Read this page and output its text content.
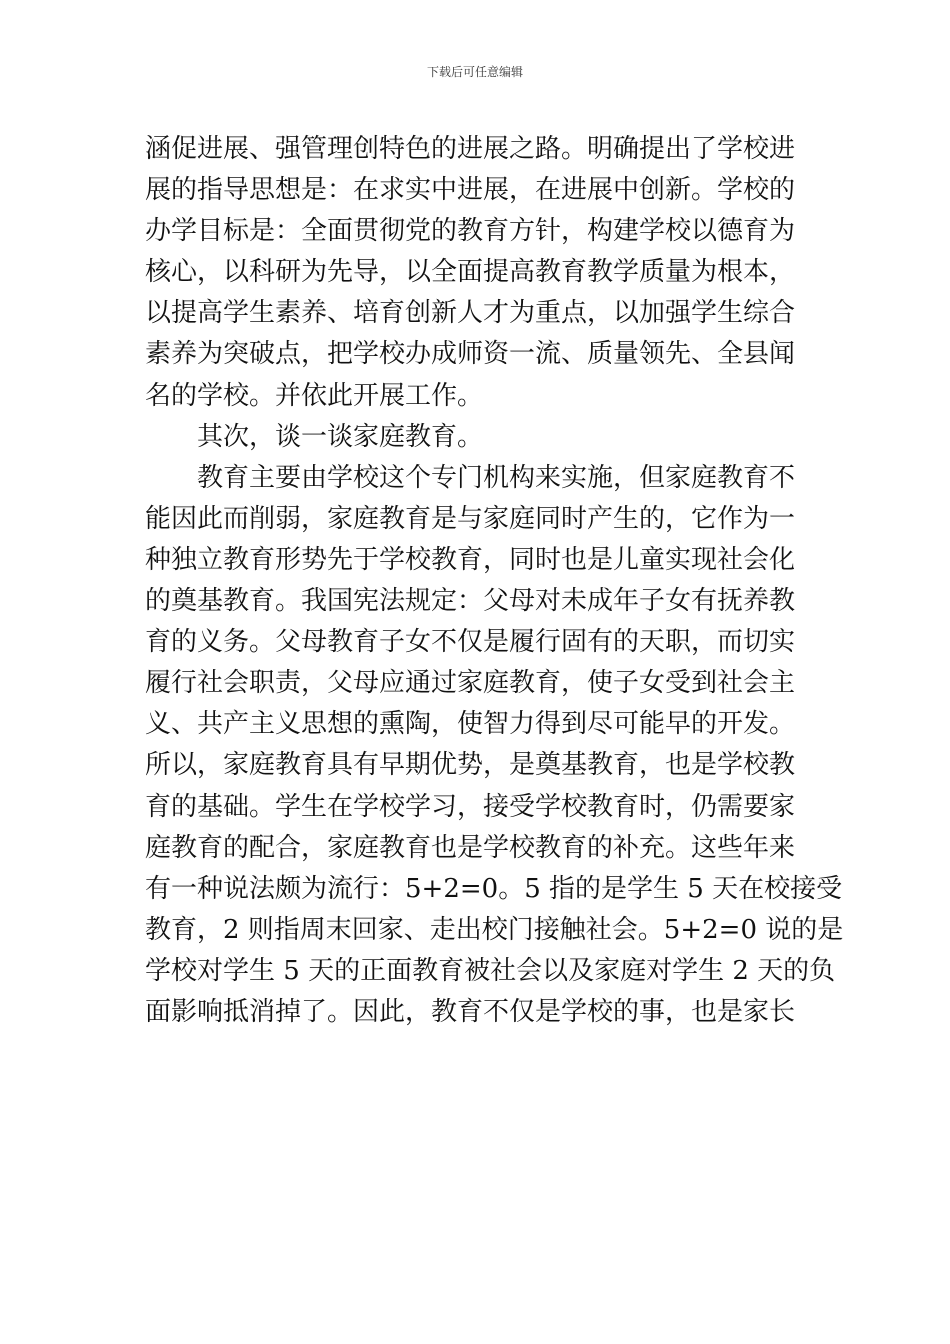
下载后可任意编辑
涵促进展、强管理创特色的进展之路。明确提出了学校进
展的指导思想是：在求实中进展，在进展中创新。学校的
办学目标是：全面贯彻党的教育方针，构建学校以德育为
核心，以科研为先导，以全面提高教育教学质量为根本，
以提高学生素养、培育创新人才为重点，以加强学生综合
素养为突破点，把学校办成师资一流、质量领先、全县闻
名的学校。并依此开展工作。
其次，谈一谈家庭教育。
教育主要由学校这个专门机构来实施，但家庭教育不
能因此而削弱，家庭教育是与家庭同时产生的，它作为一
种独立教育形势先于学校教育，同时也是儿童实现社会化
的奠基教育。我国宪法规定：父母对未成年子女有抚养教
育的义务。父母教育子女不仅是履行固有的天职，而切实
履行社会职责，父母应通过家庭教育，使子女受到社会主
义、共产主义思想的熏陶，使智力得到尽可能早的开发。
所以，家庭教育具有早期优势，是奠基教育，也是学校教
育的基础。学生在学校学习，接受学校教育时，仍需要家
庭教育的配合，家庭教育也是学校教育的补充。这些年来
有一种说法颇为流行：5+2=0。5 指的是学生 5 天在校接受
教育，2 则指周末回家、走出校门接触社会。5+2=0 说的是
学校对学生 5 天的正面教育被社会以及家庭对学生 2 天的负
面影响抵消掉了。因此，教育不仅是学校的事，也是家长
